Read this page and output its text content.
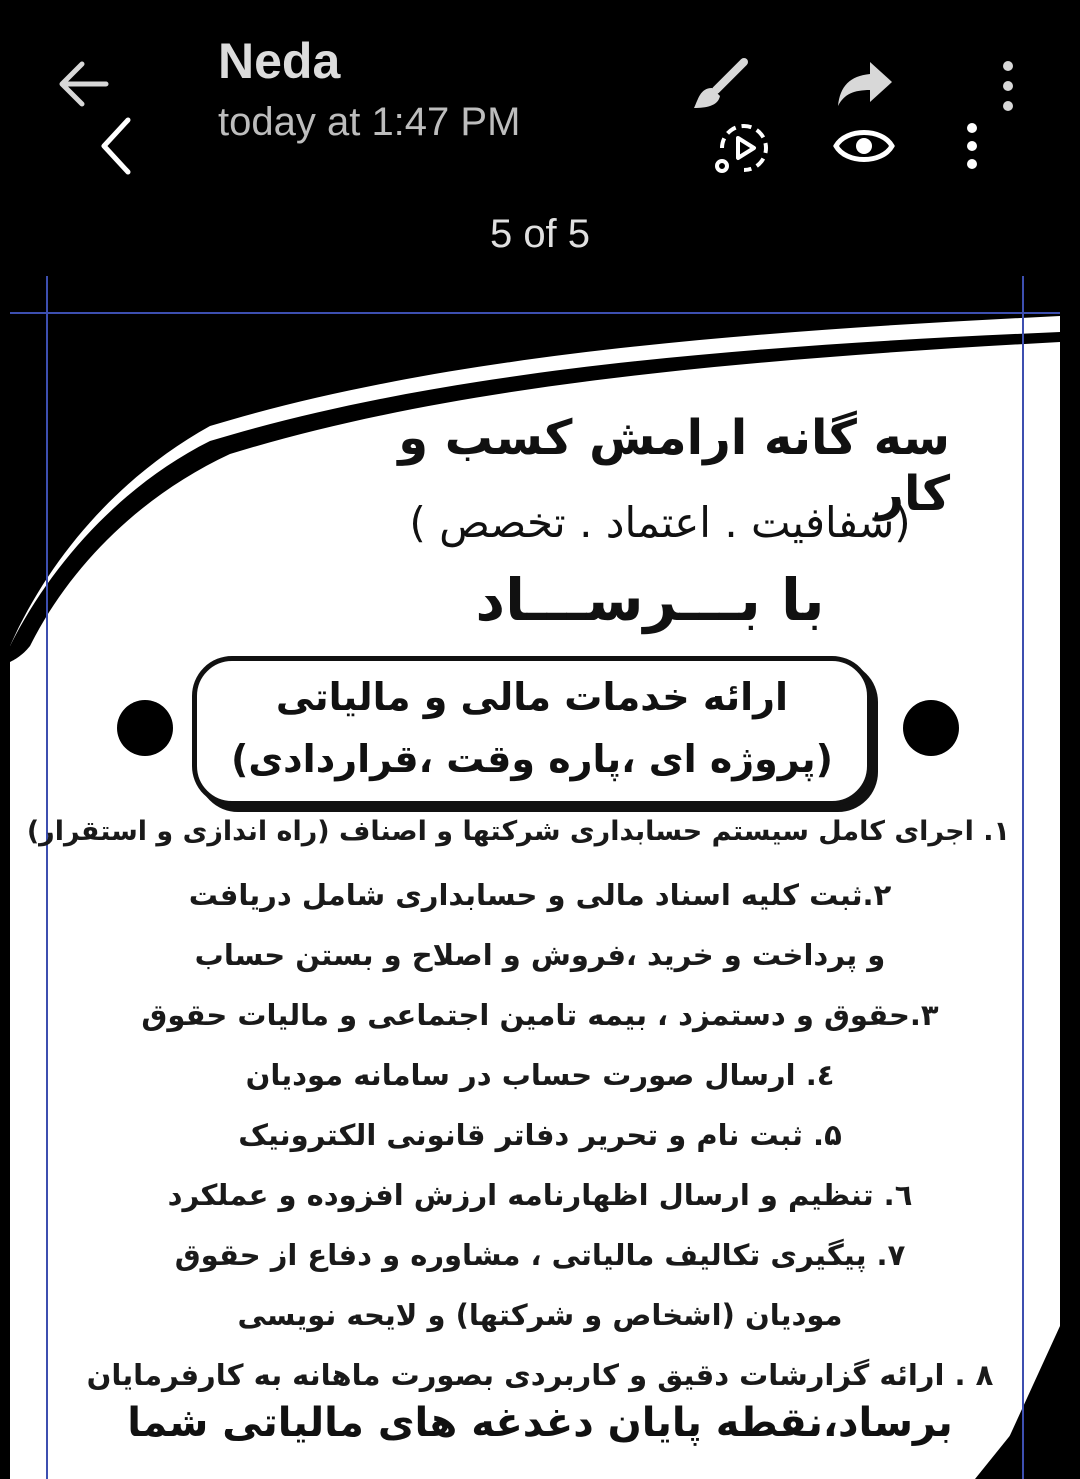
Neda
today at 1:47 PM
5 of 5
سه گانه ارامش کسب و کار
(شفافیت . اعتماد . تخصص )
با بـــرســـاد
ارائه خدمات مالی و مالیاتی
(پروژه ای ،پاره وقت ،قراردادی)
۱. اجرای کامل سیستم حسابداری شرکتها و اصناف (راه اندازی و استقرار)
۲.ثبت کلیه اسناد مالی و حسابداری شامل دریافت
و پرداخت و خرید ،فروش و اصلاح و بستن حساب
۳.حقوق و دستمزد ، بیمه تامین اجتماعی و مالیات حقوق
٤. ارسال صورت حساب در سامانه مودیان
۵. ثبت نام و تحریر دفاتر قانونی الکترونیک
٦. تنظیم و ارسال اظهارنامه ارزش افزوده و عملکرد
۷. پیگیری تکالیف مالیاتی ، مشاوره و دفاع از حقوق
مودیان (اشخاص و شرکتها) و لایحه نویسی
۸ . ارائه گزارشات دقیق و کاربردی بصورت ماهانه به کارفرمایان
برساد،نقطه پایان دغدغه های مالیاتی شما
